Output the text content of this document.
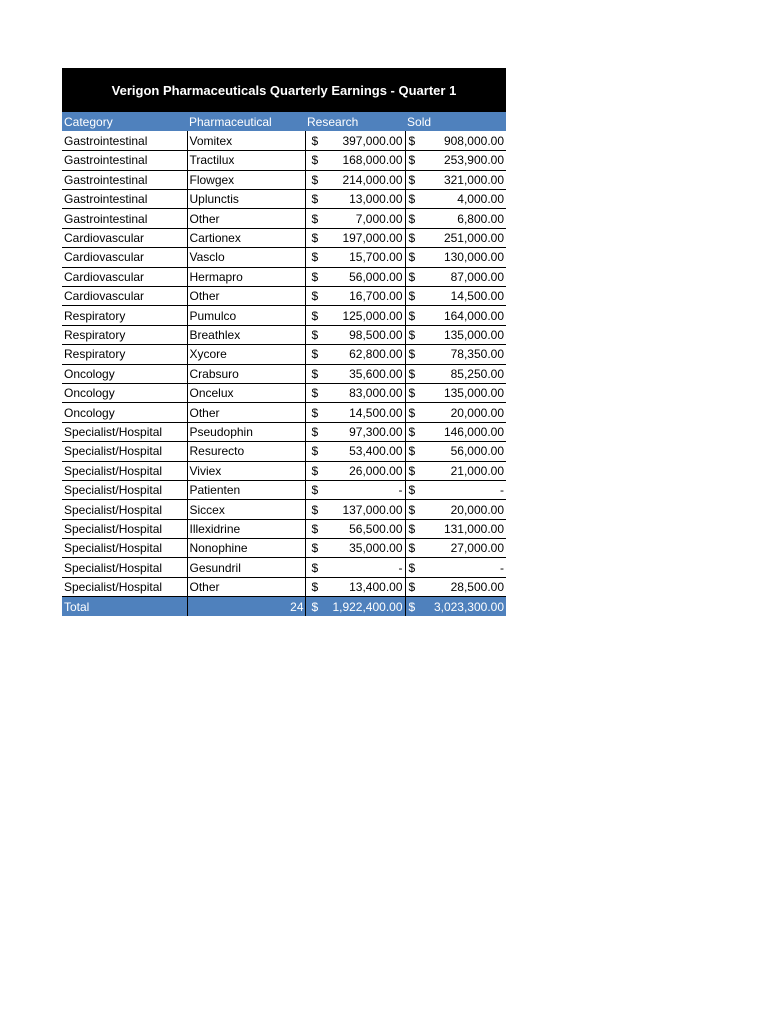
Verigon Pharmaceuticals Quarterly Earnings - Quarter 1
Category	Pharmaceutical	Research		Sold	
Gastrointestinal	Vomitex	$	397,000.00	$	908,000.00
Gastrointestinal	Tractilux	$	168,000.00	$	253,900.00
Gastrointestinal	Flowgex	$	214,000.00	$	321,000.00
Gastrointestinal	Uplunctis	$	13,000.00	$	4,000.00
Gastrointestinal	Other	$	7,000.00	$	6,800.00
Cardiovascular	Cartionex	$	197,000.00	$	251,000.00
Cardiovascular	Vasclo	$	15,700.00	$	130,000.00
Cardiovascular	Hermapro	$	56,000.00	$	87,000.00
Cardiovascular	Other	$	16,700.00	$	14,500.00
Respiratory	Pumulco	$	125,000.00	$	164,000.00
Respiratory	Breathlex	$	98,500.00	$	135,000.00
Respiratory	Xycore	$	62,800.00	$	78,350.00
Oncology	Crabsuro	$	35,600.00	$	85,250.00
Oncology	Oncelux	$	83,000.00	$	135,000.00
Oncology	Other	$	14,500.00	$	20,000.00
Specialist/Hospital	Pseudophin	$	97,300.00	$	146,000.00
Specialist/Hospital	Resurecto	$	53,400.00	$	56,000.00
Specialist/Hospital	Viviex	$	26,000.00	$	21,000.00
Specialist/Hospital	Patienten	$	-	$	-
Specialist/Hospital	Siccex	$	137,000.00	$	20,000.00
Specialist/Hospital	Illexidrine	$	56,500.00	$	131,000.00
Specialist/Hospital	Nonophine	$	35,000.00	$	27,000.00
Specialist/Hospital	Gesundril	$	-	$	-
Specialist/Hospital	Other	$	13,400.00	$	28,500.00
Total	24	$	1,922,400.00	$	3,023,300.00
